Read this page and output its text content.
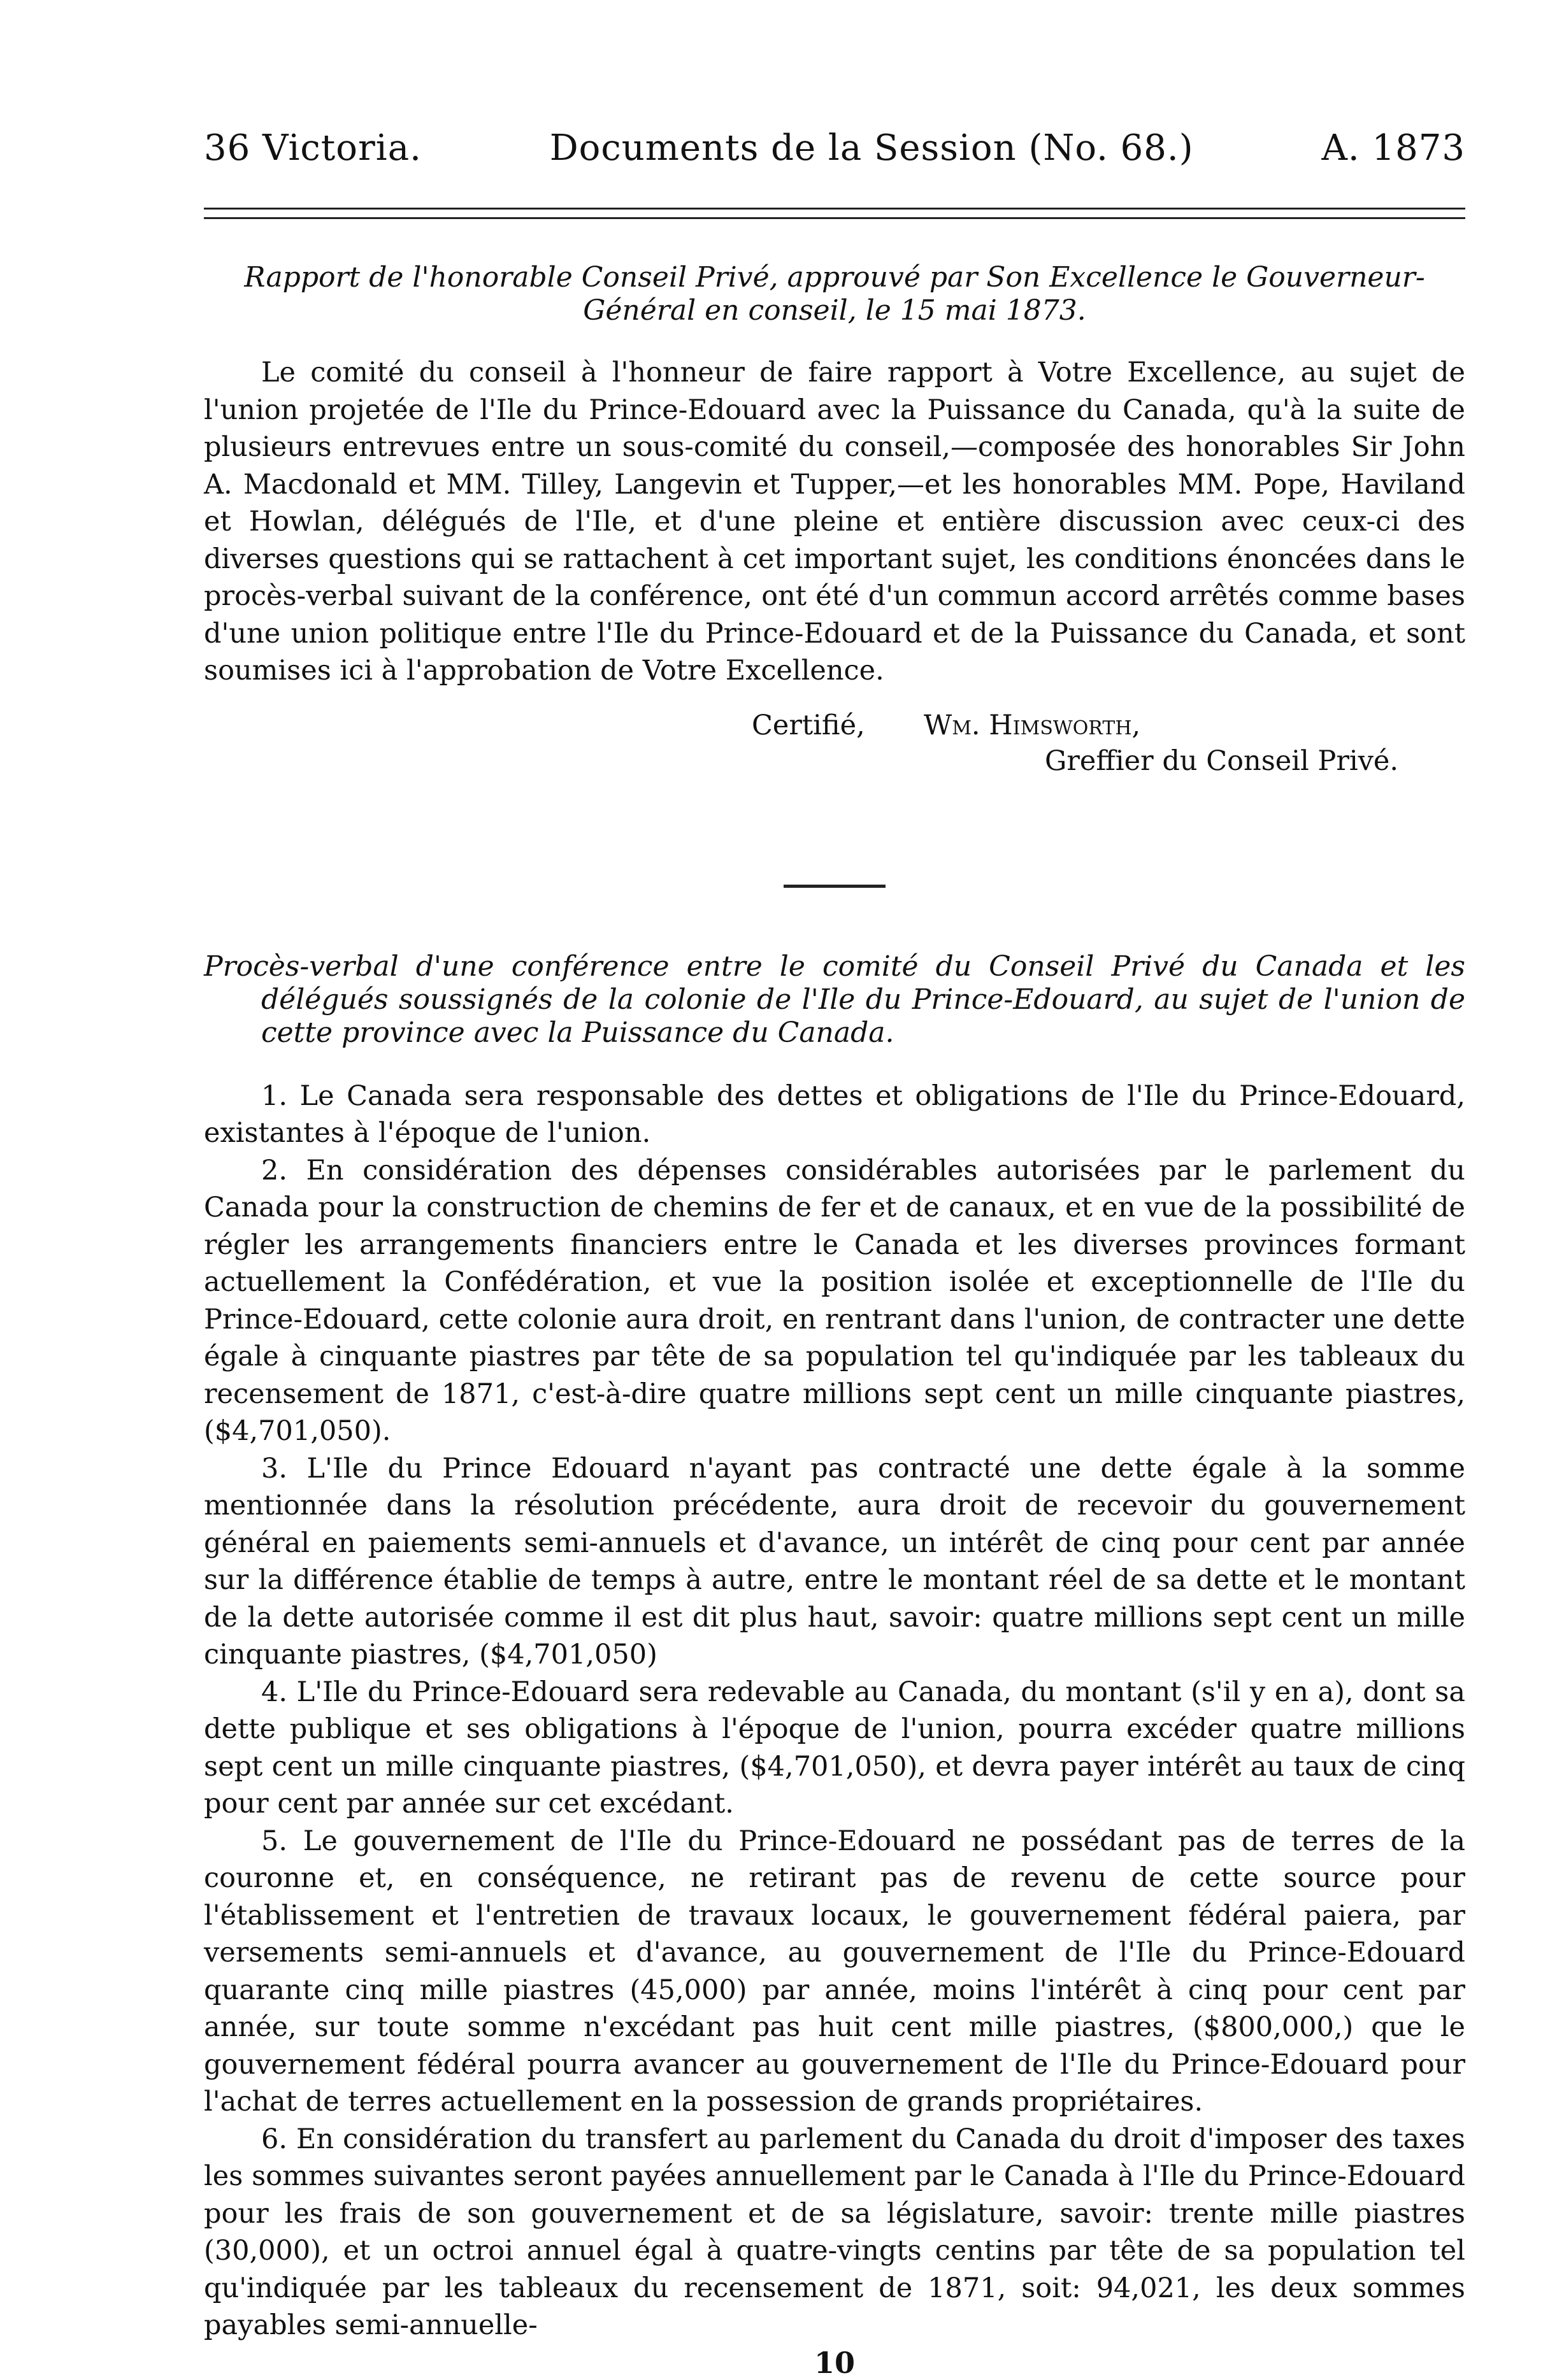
36 Victoria.	Documents de la Session (No. 68.)	A. 1873
Rapport de l'honorable Conseil Privé, approuvé par Son Excellence le Gouverneur-Général en conseil, le 15 mai 1873.

Le comité du conseil à l'honneur de faire rapport à Votre Excellence, au sujet de l'union projetée de l'Ile du Prince-Edouard avec la Puissance du Canada, qu'à la suite de plusieurs entrevues entre un sous-comité du conseil,—composée des honorables Sir John A. Macdonald et MM. Tilley, Langevin et Tupper,—et les honorables MM. Pope, Haviland et Howlan, délégués de l'Ile, et d'une pleine et entière discussion avec ceux-ci des diverses questions qui se rattachent à cet important sujet, les conditions énoncées dans le procès-verbal suivant de la conférence, ont été d'un commun accord arrêtés comme bases d'une union politique entre l'Ile du Prince-Edouard et de la Puissance du Canada, et sont soumises ici à l'approbation de Votre Excellence.

Certifié, Wm. Himsworth,
Greffier du Conseil Privé.
Procès-verbal d'une conférence entre le comité du Conseil Privé du Canada et les délégués soussignés de la colonie de l'Ile du Prince-Edouard, au sujet de l'union de cette province avec la Puissance du Canada.

1. Le Canada sera responsable des dettes et obligations de l'Ile du Prince-Edouard, existantes à l'époque de l'union.

2. En considération des dépenses considérables autorisées par le parlement du Canada pour la construction de chemins de fer et de canaux, et en vue de la possibilité de régler les arrangements financiers entre le Canada et les diverses provinces formant actuellement la Confédération, et vue la position isolée et exceptionnelle de l'Ile du Prince-Edouard, cette colonie aura droit, en rentrant dans l'union, de contracter une dette égale à cinquante piastres par tête de sa population tel qu'indiquée par les tableaux du recensement de 1871, c'est-à-dire quatre millions sept cent un mille cinquante piastres, ($4,701,050).

3. L'Ile du Prince Edouard n'ayant pas contracté une dette égale à la somme mentionnée dans la résolution précédente, aura droit de recevoir du gouvernement général en paiements semi-annuels et d'avance, un intérêt de cinq pour cent par année sur la différence établie de temps à autre, entre le montant réel de sa dette et le montant de la dette autorisée comme il est dit plus haut, savoir: quatre millions sept cent un mille cinquante piastres, ($4,701,050)

4. L'Ile du Prince-Edouard sera redevable au Canada, du montant (s'il y en a), dont sa dette publique et ses obligations à l'époque de l'union, pourra excéder quatre millions sept cent un mille cinquante piastres, ($4,701,050), et devra payer intérêt au taux de cinq pour cent par année sur cet excédant.

5. Le gouvernement de l'Ile du Prince-Edouard ne possédant pas de terres de la couronne et, en conséquence, ne retirant pas de revenu de cette source pour l'établissement et l'entretien de travaux locaux, le gouvernement fédéral paiera, par versements semi-annuels et d'avance, au gouvernement de l'Ile du Prince-Edouard quarante cinq mille piastres (45,000) par année, moins l'intérêt à cinq pour cent par année, sur toute somme n'excédant pas huit cent mille piastres, ($800,000,) que le gouvernement fédéral pourra avancer au gouvernement de l'Ile du Prince-Edouard pour l'achat de terres actuellement en la possession de grands propriétaires.

6. En considération du transfert au parlement du Canada du droit d'imposer des taxes les sommes suivantes seront payées annuellement par le Canada à l'Ile du Prince-Edouard pour les frais de son gouvernement et de sa législature, savoir: trente mille piastres (30,000), et un octroi annuel égal à quatre-vingts centins par tête de sa population tel qu'indiquée par les tableaux du recensement de 1871, soit: 94,021, les deux sommes payables semi-annuelle-

10
